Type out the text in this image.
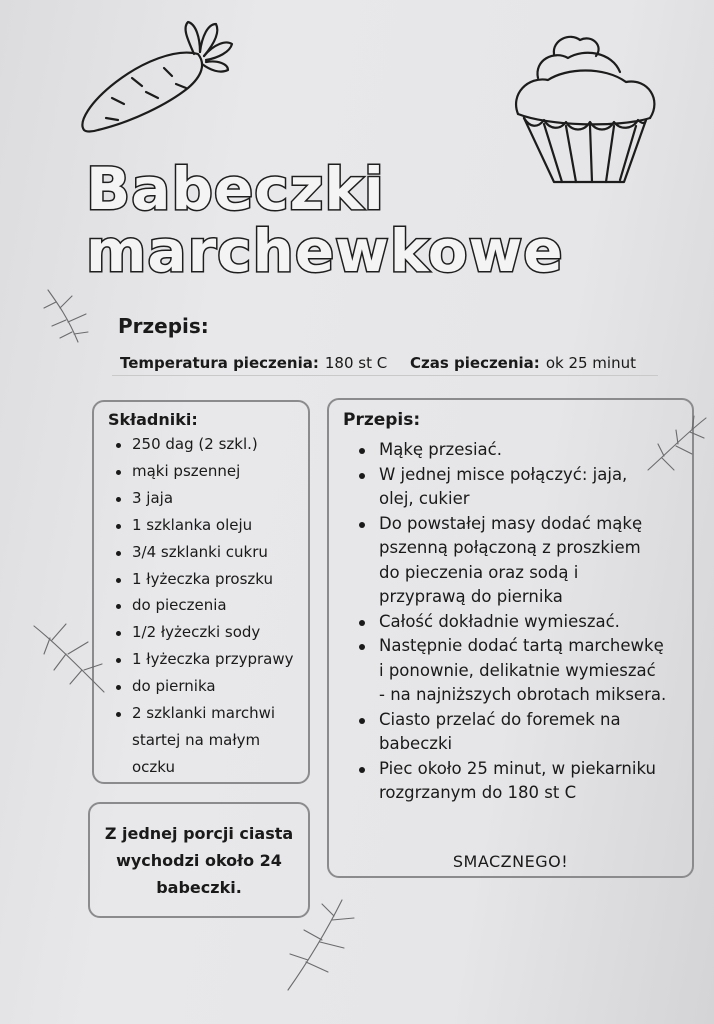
Babeczki
marchewkowe
Przepis:
Temperatura pieczenia: 180 st C Czas pieczenia: ok 25 minut

Składniki:

250 dag (2 szkl.)
mąki pszennej
3 jaja
1 szklanka oleju
3/4 szklanki cukru
1 łyżeczka proszku
do pieczenia
1/2 łyżeczki sody
1 łyżeczka przyprawy
do piernika
2 szklanki marchwi
startej na małym
oczku

Przepis:

Mąkę przesiać.
W jednej misce połączyć: jaja,
olej, cukier
Do powstałej masy dodać mąkę
pszenną połączoną z proszkiem
do pieczenia oraz sodą i
przyprawą do piernika
Całość dokładnie wymieszać.
Następnie dodać tartą marchewkę
i ponownie, delikatnie wymieszać
- na najniższych obrotach miksera.
Ciasto przelać do foremek na
babeczki
Piec około 25 minut, w piekarniku
rozgrzanym do 180 st C
SMACZNEGO!

Z jednej porcji ciasta

wychodzi około 24

babeczki.
